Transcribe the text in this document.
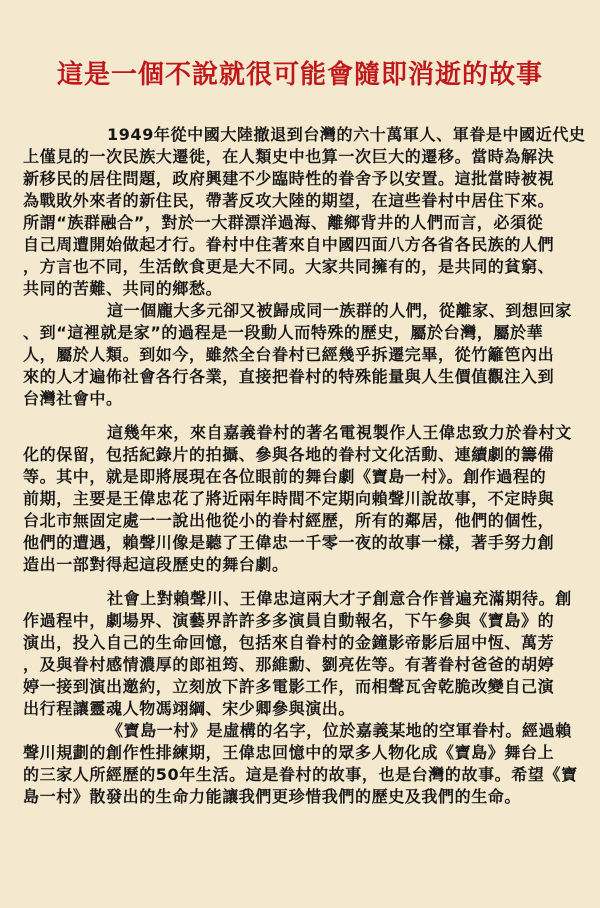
這是一個不說就很可能會隨即消逝的故事
1949年從中國大陸撤退到台灣的六十萬軍人、軍眷是中國近代史
上僅見的一次民族大遷徙，在人類史中也算一次巨大的遷移。當時為解決
新移民的居住問題，政府興建不少臨時性的眷舍予以安置。這批當時被視
為戰敗外來者的新住民，帶著反攻大陸的期望，在這些眷村中居住下來。
所謂“族群融合”，對於一大群漂洋過海、離鄉背井的人們而言，必須從
自己周遭開始做起才行。眷村中住著來自中國四面八方各省各民族的人們
，方言也不同，生活飲食更是大不同。大家共同擁有的，是共同的貧窮、
共同的苦難、共同的鄉愁。
這一個龐大多元卻又被歸成同一族群的人們，從離家、到想回家
、到“這裡就是家”的過程是一段動人而特殊的歷史，屬於台灣，屬於華
人，屬於人類。到如今，雖然全台眷村已經幾乎拆遷完畢，從竹籬笆內出
來的人才遍佈社會各行各業，直接把眷村的特殊能量與人生價值觀注入到
台灣社會中。
這幾年來，來自嘉義眷村的著名電視製作人王偉忠致力於眷村文
化的保留，包括紀錄片的拍攝、參與各地的眷村文化活動、連續劇的籌備
等。其中，就是即將展現在各位眼前的舞台劇《寶島一村》。創作過程的
前期，主要是王偉忠花了將近兩年時間不定期向賴聲川說故事，不定時與
台北市無固定處一一說出他從小的眷村經歷，所有的鄰居，他們的個性，
他們的遭遇，賴聲川像是聽了王偉忠一千零一夜的故事一樣，著手努力創
造出一部對得起這段歷史的舞台劇。
社會上對賴聲川、王偉忠這兩大才子創意合作普遍充滿期待。創
作過程中，劇場界、演藝界許許多多演員自動報名，下午參與《寶島》的
演出，投入自己的生命回憶，包括來自眷村的金鐘影帝影后屈中恆、萬芳
，及與眷村感情濃厚的郎祖筠、那維勳、劉亮佐等。有著眷村爸爸的胡婷
婷一接到演出邀約，立刻放下許多電影工作，而相聲瓦舍乾脆改變自己演
出行程讓靈魂人物馮翊綱、宋少卿參與演出。
《寶島一村》是虛構的名字，位於嘉義某地的空軍眷村。經過賴
聲川規劃的創作性排練期，王偉忠回憶中的眾多人物化成《寶島》舞台上
的三家人所經歷的50年生活。這是眷村的故事，也是台灣的故事。希望《寶
島一村》散發出的生命力能讓我們更珍惜我們的歷史及我們的生命。
